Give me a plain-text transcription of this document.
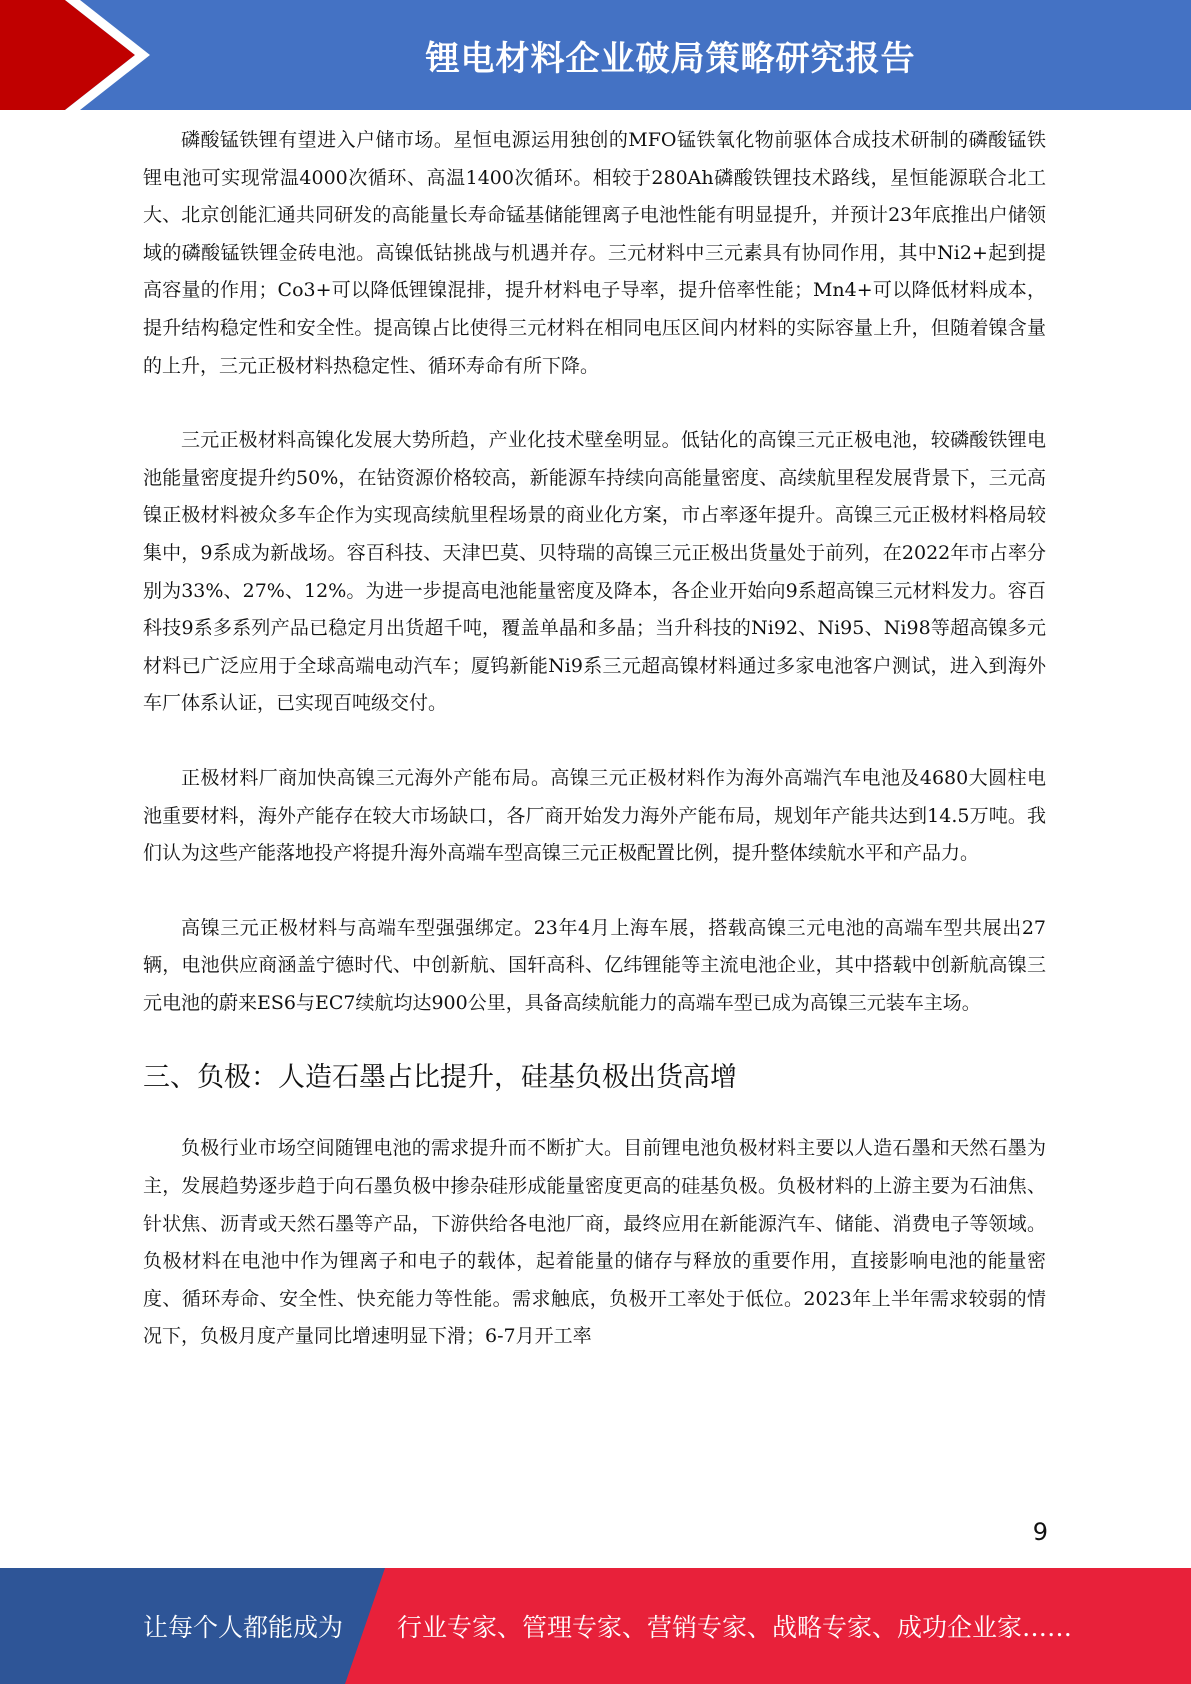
锂电材料企业破局策略研究报告

磷酸锰铁锂有望进入户储市场。星恒电源运用独创的MFO锰铁氧化物前驱体合成技术研制的磷酸锰铁锂电池可实现常温4000次循环、高温1400次循环。相较于280Ah磷酸铁锂技术路线，星恒能源联合北工大、北京创能汇通共同研发的高能量长寿命锰基储能锂离子电池性能有明显提升，并预计23年底推出户储领域的磷酸锰铁锂金砖电池。高镍低钴挑战与机遇并存。三元材料中三元素具有协同作用，其中Ni2+起到提高容量的作用；Co3+可以降低锂镍混排，提升材料电子导率，提升倍率性能；Mn4+可以降低材料成本，提升结构稳定性和安全性。提高镍占比使得三元材料在相同电压区间内材料的实际容量上升，但随着镍含量的上升，三元正极材料热稳定性、循环寿命有所下降。

三元正极材料高镍化发展大势所趋，产业化技术壁垒明显。低钴化的高镍三元正极电池，较磷酸铁锂电池能量密度提升约50%，在钴资源价格较高，新能源车持续向高能量密度、高续航里程发展背景下，三元高镍正极材料被众多车企作为实现高续航里程场景的商业化方案，市占率逐年提升。高镍三元正极材料格局较集中，9系成为新战场。容百科技、天津巴莫、贝特瑞的高镍三元正极出货量处于前列，在2022年市占率分别为33%、27%、12%。为进一步提高电池能量密度及降本，各企业开始向9系超高镍三元材料发力。容百科技9系多系列产品已稳定月出货超千吨，覆盖单晶和多晶；当升科技的Ni92、Ni95、Ni98等超高镍多元材料已广泛应用于全球高端电动汽车；厦钨新能Ni9系三元超高镍材料通过多家电池客户测试，进入到海外车厂体系认证，已实现百吨级交付。

正极材料厂商加快高镍三元海外产能布局。高镍三元正极材料作为海外高端汽车电池及4680大圆柱电池重要材料，海外产能存在较大市场缺口，各厂商开始发力海外产能布局，规划年产能共达到14.5万吨。我们认为这些产能落地投产将提升海外高端车型高镍三元正极配置比例，提升整体续航水平和产品力。

高镍三元正极材料与高端车型强强绑定。23年4月上海车展，搭载高镍三元电池的高端车型共展出27辆，电池供应商涵盖宁德时代、中创新航、国轩高科、亿纬锂能等主流电池企业，其中搭载中创新航高镍三元电池的蔚来ES6与EC7续航均达900公里，具备高续航能力的高端车型已成为高镍三元装车主场。

三、负极：人造石墨占比提升，硅基负极出货高增

负极行业市场空间随锂电池的需求提升而不断扩大。目前锂电池负极材料主要以人造石墨和天然石墨为主，发展趋势逐步趋于向石墨负极中掺杂硅形成能量密度更高的硅基负极。负极材料的上游主要为石油焦、针状焦、沥青或天然石墨等产品，下游供给各电池厂商，最终应用在新能源汽车、储能、消费电子等领域。负极材料在电池中作为锂离子和电子的载体，起着能量的储存与释放的重要作用，直接影响电池的能量密度、循环寿命、安全性、快充能力等性能。需求触底，负极开工率处于低位。2023年上半年需求较弱的情况下，负极月度产量同比增速明显下滑；6-7月开工率

9
让每个人都能成为 行业专家、管理专家、营销专家、战略专家、成功企业家……
